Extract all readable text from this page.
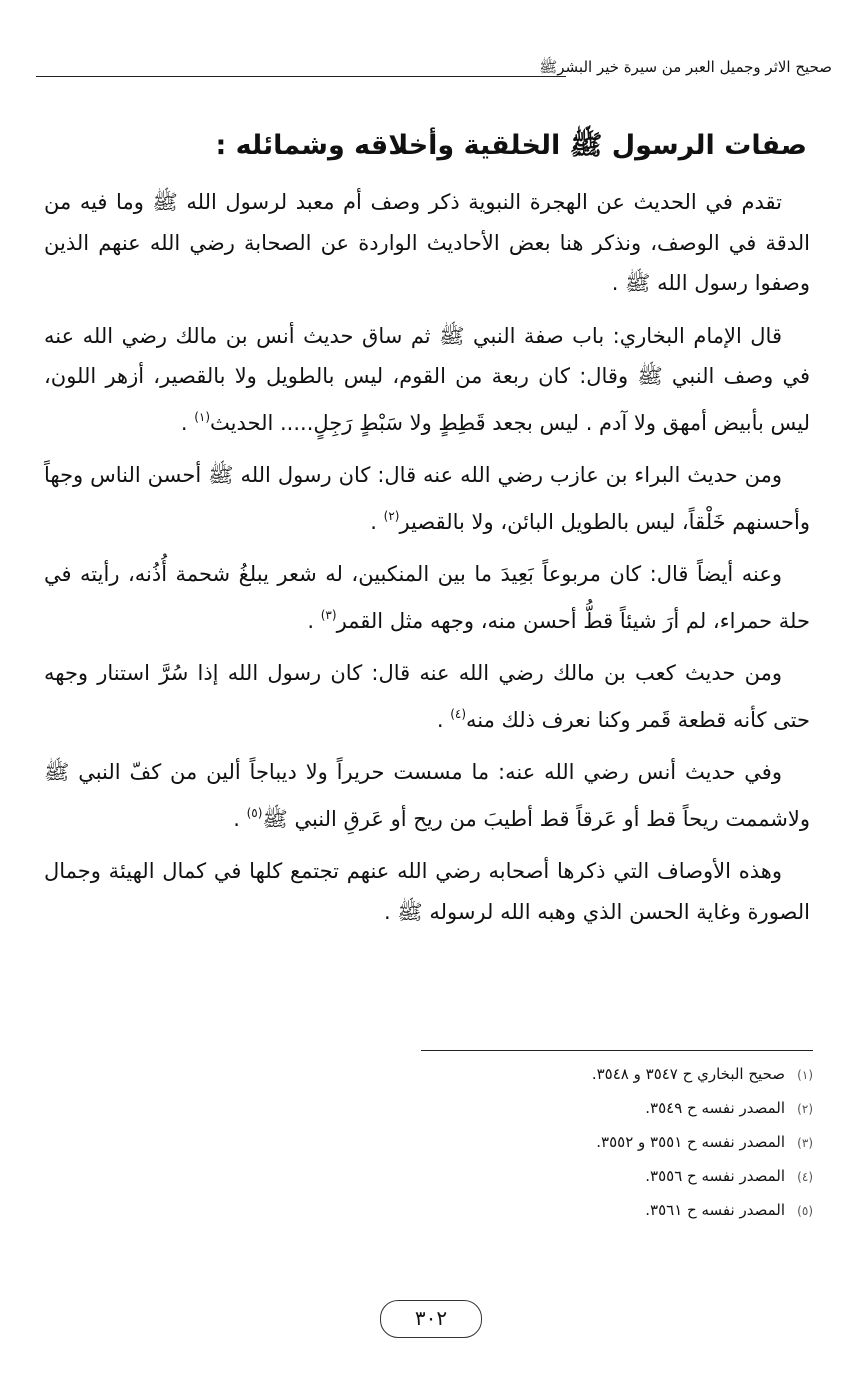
صحيح الاثر وجميل العبر من سيرة خير البشرﷺ
صفات الرسول ﷺ الخلقية وأخلاقه وشمائله :

تقدم في الحديث عن الهجرة النبوية ذكر وصف أم معبد لرسول الله ﷺ وما فيه من الدقة في الوصف، ونذكر هنا بعض الأحاديث الواردة عن الصحابة رضي الله عنهم الذين وصفوا رسول الله ﷺ .

قال الإمام البخاري: باب صفة النبي ﷺ ثم ساق حديث أنس بن مالك رضي الله عنه في وصف النبي ﷺ وقال: كان ربعة من القوم، ليس بالطويل ولا بالقصير، أزهر اللون، ليس بأبيض أمهق ولا آدم . ليس بجعد قَطِطٍ ولا سَبْطٍ رَجِلٍ..... الحديث$^{(١)}$ .

ومن حديث البراء بن عازب رضي الله عنه قال: كان رسول الله ﷺ أحسن الناس وجهاً وأحسنهم خَلْقاً، ليس بالطويل البائن، ولا بالقصير$^{(٢)}$ .

وعنه أيضاً قال: كان مربوعاً بَعِيدَ ما بين المنكبين، له شعر يبلغُ شحمة أُذُنه، رأيته في حلة حمراء، لم أرَ شيئاً قطُّ أحسن منه، وجهه مثل القمر$^{(٣)}$ .

ومن حديث كعب بن مالك رضي الله عنه قال: كان رسول الله إذا سُرَّ استنار وجهه حتى كأنه قطعة قَمر وكنا نعرف ذلك منه$^{(٤)}$ .

وفي حديث أنس رضي الله عنه: ما مسست حريراً ولا ديباجاً ألين من كفّ النبي ﷺ ولاشممت ريحاً قط أو عَرقاً قط أطيبَ من ريح أو عَرقِ النبي ﷺ$^{(٥)}$ .

وهذه الأوصاف التي ذكرها أصحابه رضي الله عنهم تجتمع كلها في كمال الهيئة وجمال الصورة وغاية الحسن الذي وهبه الله لرسوله ﷺ .

(١)صحيح البخاري ح ٣٥٤٧ و ٣٥٤٨.
(٢)المصدر نفسه ح ٣٥٤٩.
(٣)المصدر نفسه ح ٣٥٥١ و ٣٥٥٢.
(٤)المصدر نفسه ح ٣٥٥٦.
(٥)المصدر نفسه ح ٣٥٦١.
٣٠٢
